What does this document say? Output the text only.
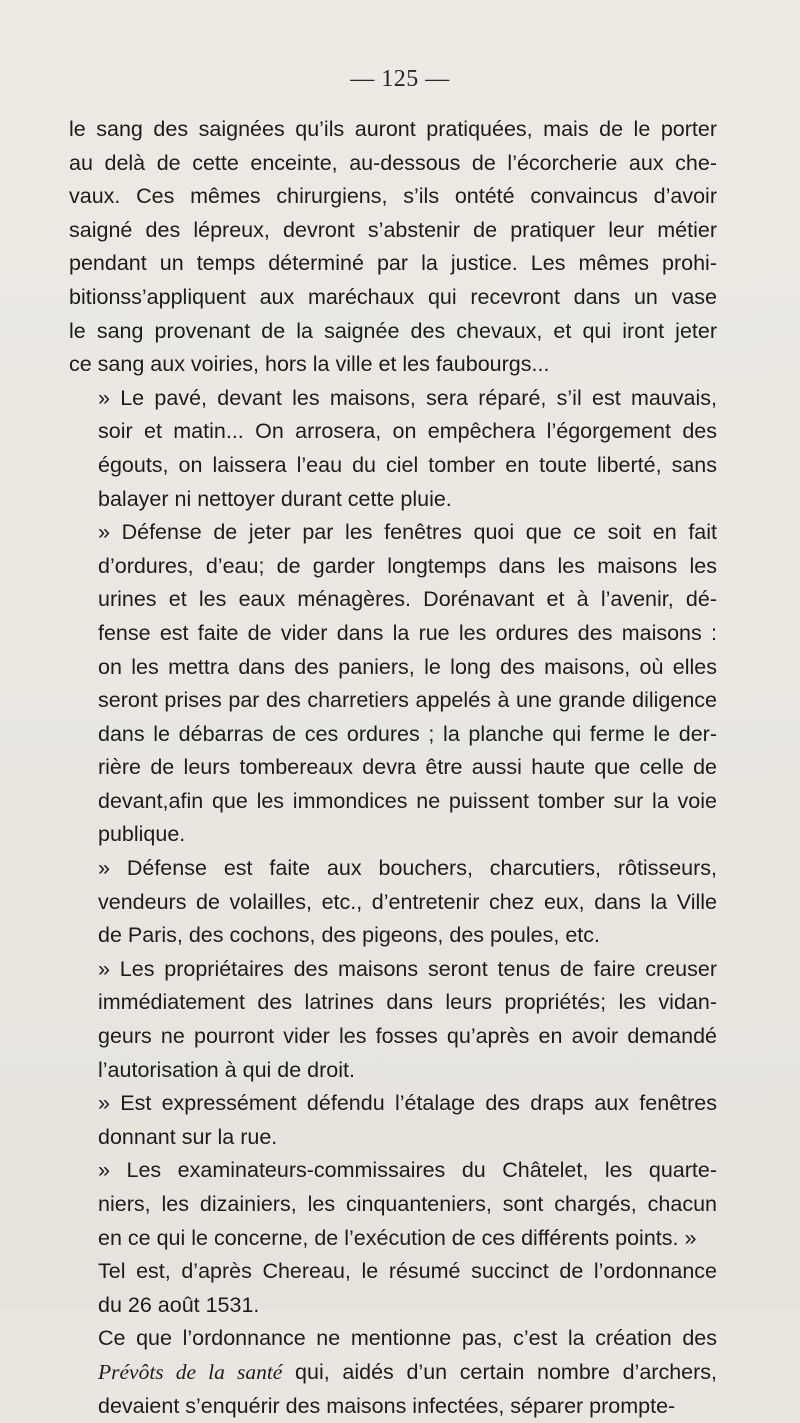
— 125 —

le sang des saignées qu’ils auront pratiquées, mais de le porter
au delà de cette enceinte, au-dessous de l’écorcherie aux che-
vaux. Ces mêmes chirurgiens, s’ils ontété convaincus d’avoir
saigné des lépreux, devront s’abstenir de pratiquer leur métier
pendant un temps déterminé par la justice. Les mêmes prohi-
bitionss’appliquent aux maréchaux qui recevront dans un vase
le sang provenant de la saignée des chevaux, et qui iront jeter
ce sang aux voiries, hors la ville et les faubourgs...

» Le pavé, devant les maisons, sera réparé, s’il est mauvais,
soir et matin... On arrosera, on empêchera l’égorgement des
égouts, on laissera l’eau du ciel tomber en toute liberté, sans
balayer ni nettoyer durant cette pluie.

» Défense de jeter par les fenêtres quoi que ce soit en fait
d’ordures, d’eau; de garder longtemps dans les maisons les
urines et les eaux ménagères. Dorénavant et à l’avenir, dé-
fense est faite de vider dans la rue les ordures des maisons :
on les mettra dans des paniers, le long des maisons, où elles
seront prises par des charretiers appelés à une grande diligence
dans le débarras de ces ordures ; la planche qui ferme le der-
rière de leurs tombereaux devra être aussi haute que celle de
devant,afin que les immondices ne puissent tomber sur la voie
publique.

» Défense est faite aux bouchers, charcutiers, rôtisseurs,
vendeurs de volailles, etc., d’entretenir chez eux, dans la Ville
de Paris, des cochons, des pigeons, des poules, etc.

» Les propriétaires des maisons seront tenus de faire creuser
immédiatement des latrines dans leurs propriétés; les vidan-
geurs ne pourront vider les fosses qu’après en avoir demandé
l’autorisation à qui de droit.

» Est expressément défendu l’étalage des draps aux fenêtres
donnant sur la rue.

» Les examinateurs-commissaires du Châtelet, les quarte-
niers, les dizainiers, les cinquanteniers, sont chargés, chacun
en ce qui le concerne, de l’exécution de ces différents points. »

Tel est, d’après Chereau, le résumé succinct de l’ordonnance
du 26 août 1531.

Ce que l’ordonnance ne mentionne pas, c’est la création des
Prévôts de la santé qui, aidés d’un certain nombre d’archers,
devaient s’enquérir des maisons infectées, séparer prompte-
